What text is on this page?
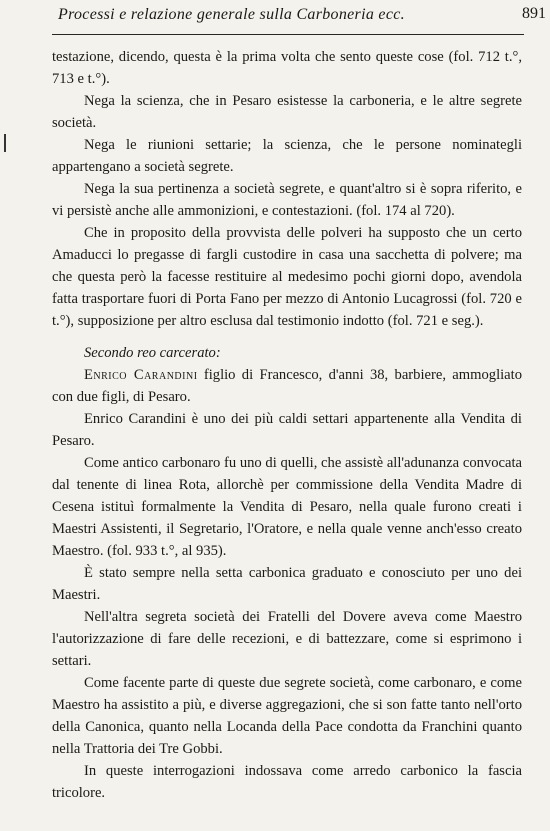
Processi e relazione generale sulla Carboneria ecc.	891

testazione, dicendo, questa è la prima volta che sento queste cose (fol. 712 t.°, 713 e t.°).

Nega la scienza, che in Pesaro esistesse la carboneria, e le altre segrete società.

Nega le riunioni settarie; la scienza, che le persone nominategli appartengano a società segrete.

Nega la sua pertinenza a società segrete, e quant'altro si è sopra riferito, e vi persistè anche alle ammonizioni, e contestazioni. (fol. 174 al 720).

Che in proposito della provvista delle polveri ha supposto che un certo Amaducci lo pregasse di fargli custodire in casa una sacchetta di polvere; ma che questa però la facesse restituire al medesimo pochi giorni dopo, avendola fatta trasportare fuori di Porta Fano per mezzo di Antonio Lucagrossi (fol. 720 e t.°), supposizione per altro esclusa dal testimonio indotto (fol. 721 e seg.).

Secondo reo carcerato:

Enrico Carandini figlio di Francesco, d'anni 38, barbiere, ammogliato con due figli, di Pesaro.

Enrico Carandini è uno dei più caldi settari appartenente alla Vendita di Pesaro.

Come antico carbonaro fu uno di quelli, che assistè all'adunanza convocata dal tenente di linea Rota, allorchè per commissione della Vendita Madre di Cesena istituì formalmente la Vendita di Pesaro, nella quale furono creati i Maestri Assistenti, il Segretario, l'Oratore, e nella quale venne anch'esso creato Maestro. (fol. 933 t.°, al 935).

È stato sempre nella setta carbonica graduato e conosciuto per uno dei Maestri.

Nell'altra segreta società dei Fratelli del Dovere aveva come Maestro l'autorizzazione di fare delle recezioni, e di battezzare, come si esprimono i settari.

Come facente parte di queste due segrete società, come carbonaro, e come Maestro ha assistito a più, e diverse aggregazioni, che si son fatte tanto nell'orto della Canonica, quanto nella Locanda della Pace condotta da Franchini quanto nella Trattoria dei Tre Gobbi.

In queste interrogazioni indossava come arredo carbonico la fascia tricolore.
